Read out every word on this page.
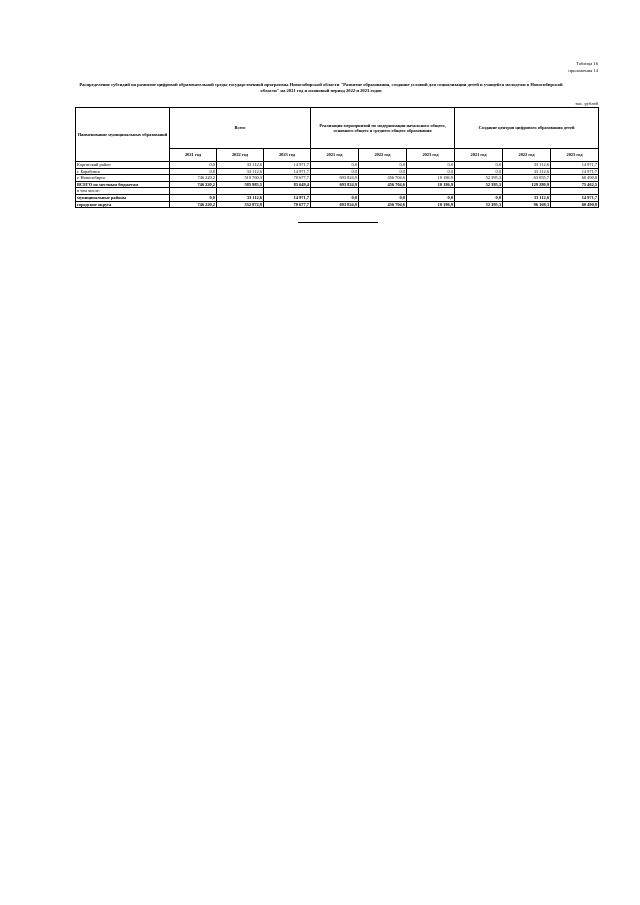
Таблица 16
приложения 14
Распределение субсидий на развитие цифровой образовательной среды государственной программы Новосибирской области "Развитие образования, создание условий для социализации детей и учащейся молодежи в Новосибирской области" на 2021 год и плановый период 2022 и 2023 годов
тыс. рублей
Наименование муниципальных образований	Всего			Реализация мероприятий по модернизации начального общего, основного общего и среднего общего образования			Создание центров цифрового образования детей		
	2021 год	2022 год	2023 год	2021 год	2022 год	2023 год	2021 год	2022 год	2023 год
Каргатский район	0,0	33 112,6	14 971,7	0,0	0,0	0,0	0,0	33 112,6	14 971,7
г. Барабинск	0,0	33 112,6	14 971,7	0,0	0,0	0,0	0,0	33 112,6	14 971,7
г. Новосибирск	746 220,2	519 760,3	70 677,7	693 824,9	456 704,6	10 186,9	52 395,3	63 055,7	60 490,8
ВСЕГО по местным бюджетам	746 220,2	585 985,5	85 649,4	693 824,9	456 704,6	10 186,9	52 395,3	129 280,9	75 462,5
в том числе:									
муниципальные районы	0,0	33 112,6	14 971,7	0,0	0,0	0,0	0,0	33 112,6	14 971,7
городские округа	746 220,2	552 872,9	70 677,7	693 824,9	456 704,6	10 186,9	52 395,3	96 168,3	60 490,8
